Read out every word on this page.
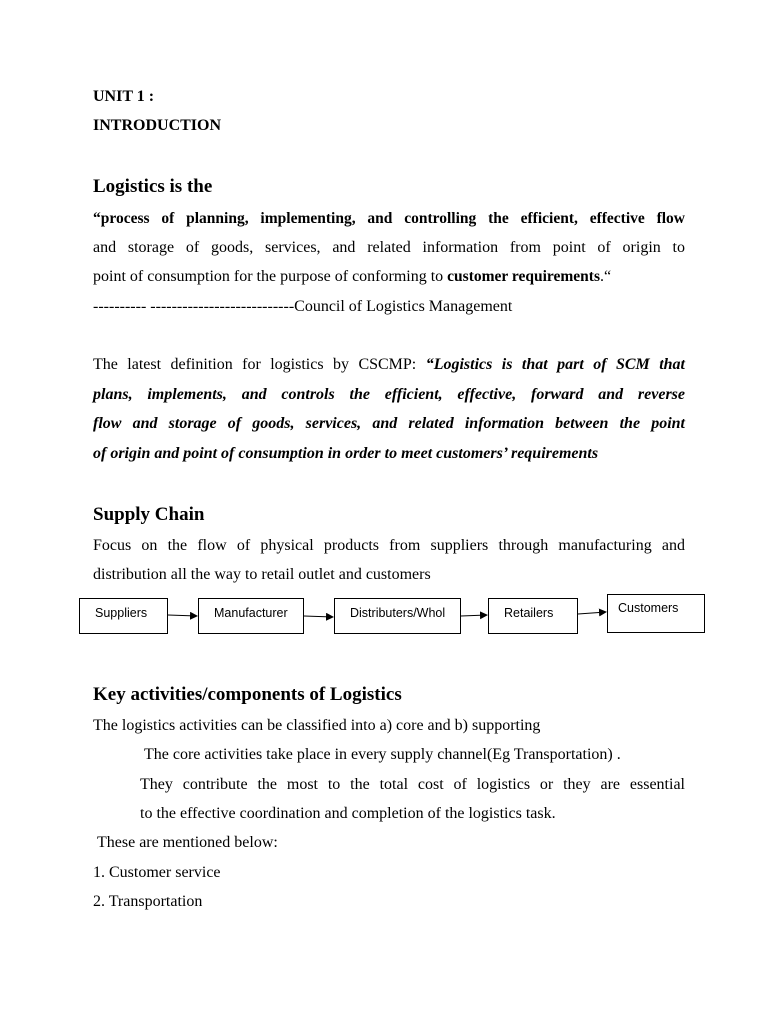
UNIT 1 :
INTRODUCTION
Logistics is the
“process of planning, implementing, and controlling the efficient, effective flow
and storage of goods, services, and related information from point of origin to
point of consumption for the purpose of conforming to customer requirements.“
---------- ---------------------------Council of Logistics Management
The latest definition for logistics by CSCMP: “Logistics is that part of SCM that
plans, implements, and controls the efficient, effective, forward and reverse
flow and storage of goods, services, and related information between the point
of origin and point of consumption in order to meet customers’ requirements
Supply Chain
Focus on the flow of physical products from suppliers through manufacturing and
distribution all the way to retail outlet and customers
Suppliers	Manufacturer	Distributers/Whol	Retailers	Customers
Key activities/components of Logistics
The logistics activities can be classified into a) core and b) supporting
The core activities take place in every supply channel(Eg Transportation) .
They contribute the most to the total cost of logistics or they are essential
to the effective coordination and completion of the logistics task.
These are mentioned below:
1. Customer service
2. Transportation
